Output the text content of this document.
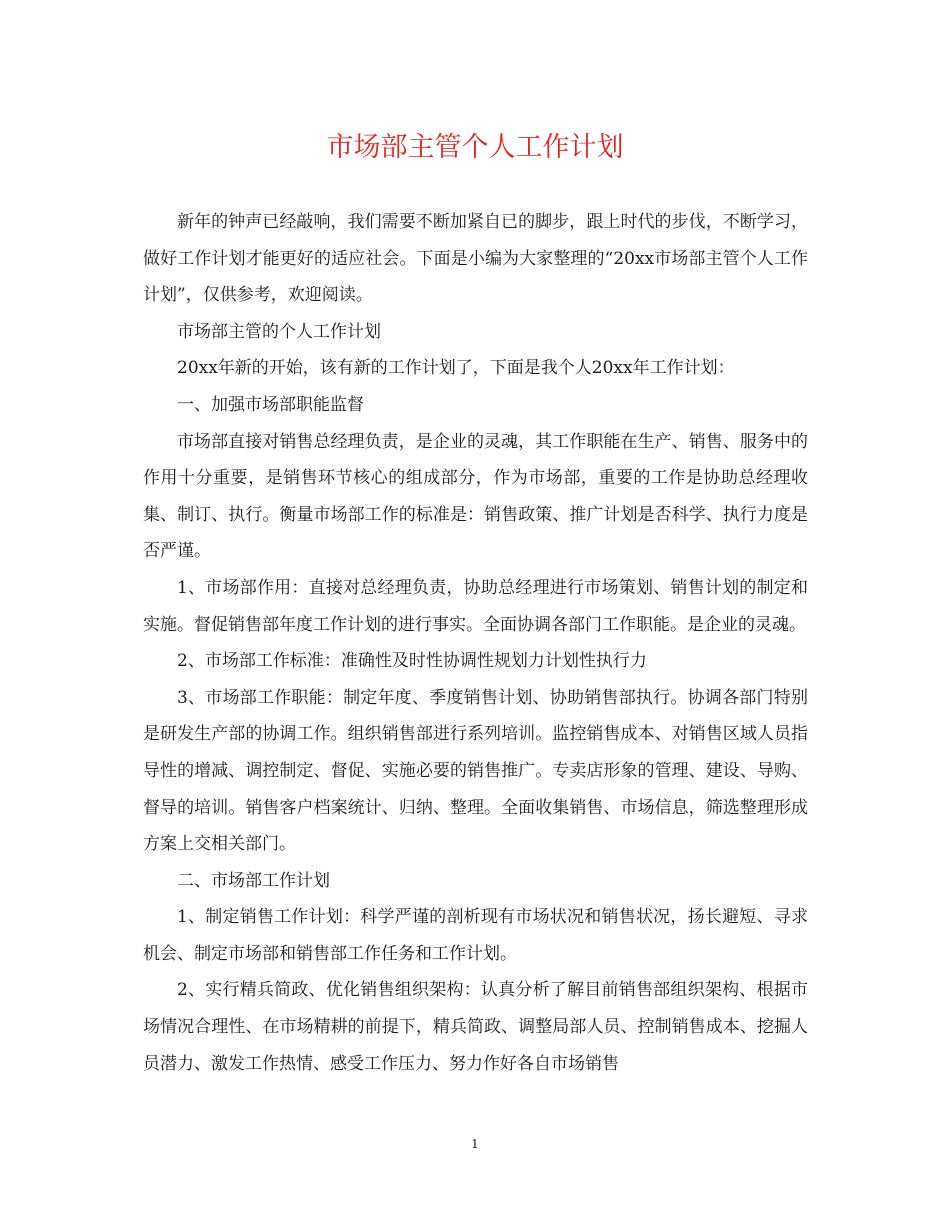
市场部主管个人工作计划

新年的钟声已经敲响，我们需要不断加紧自已的脚步，跟上时代的步伐，不断学习，做好工作计划才能更好的适应社会。下面是小编为大家整理的“20xx市场部主管个人工作计划”，仅供参考，欢迎阅读。

市场部主管的个人工作计划

20xx年新的开始，该有新的工作计划了，下面是我个人20xx年工作计划：

一、加强市场部职能监督

市场部直接对销售总经理负责，是企业的灵魂，其工作职能在生产、销售、服务中的作用十分重要，是销售环节核心的组成部分，作为市场部，重要的工作是协助总经理收集、制订、执行。衡量市场部工作的标准是：销售政策、推广计划是否科学、执行力度是否严谨。

1、市场部作用：直接对总经理负责，协助总经理进行市场策划、销售计划的制定和实施。督促销售部年度工作计划的进行事实。全面协调各部门工作职能。是企业的灵魂。

2、市场部工作标准：准确性及时性协调性规划力计划性执行力

3、市场部工作职能：制定年度、季度销售计划、协助销售部执行。协调各部门特别是研发生产部的协调工作。组织销售部进行系列培训。监控销售成本、对销售区域人员指导性的增减、调控制定、督促、实施必要的销售推广。专卖店形象的管理、建设、导购、督导的培训。销售客户档案统计、归纳、整理。全面收集销售、市场信息，筛选整理形成方案上交相关部门。

二、市场部工作计划

1、制定销售工作计划：科学严谨的剖析现有市场状况和销售状况，扬长避短、寻求机会、制定市场部和销售部工作任务和工作计划。

2、实行精兵简政、优化销售组织架构：认真分析了解目前销售部组织架构、根据市场情况合理性、在市场精耕的前提下，精兵简政、调整局部人员、控制销售成本、挖掘人员潜力、激发工作热情、感受工作压力、努力作好各自市场销售

1
